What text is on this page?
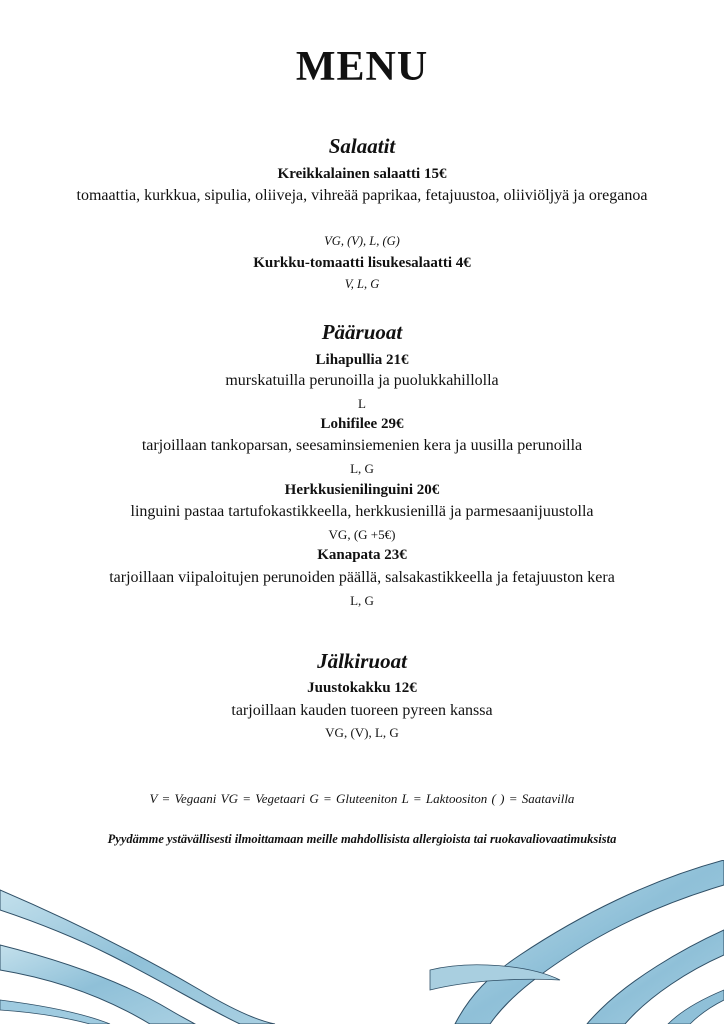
MENU
Salaatit
Kreikkalainen salaatti 15€
tomaattia, kurkkua, sipulia, oliiveja, vihreää paprikaa, fetajuustoa, oliiviöljyä ja oreganoa
VG, (V), L, (G)
Kurkku-tomaatti lisukesalaatti 4€
V, L, G
Pääruoat
Lihapullia 21€
murskatuilla perunoilla ja puolukkahillolla
L
Lohifilee 29€
tarjoillaan tankoparsan, seesaminsiemenien kera ja uusilla perunoilla
L, G
Herkkusienilinguini 20€
linguini pastaa tartufokastikkeella, herkkusienillä ja parmesaanijuustolla
VG, (G +5€)
Kanapata 23€
tarjoillaan viipaloitujen perunoiden päällä, salsakastikkeella ja fetajuuston kera
L, G
Jälkiruoat
Juustokakku 12€
tarjoillaan kauden tuoreen pyreen kanssa
VG, (V), L, G
V = Vegaani VG = Vegetaari G = Gluteeniton L = Laktoositon ( ) = Saatavilla
Pyydämme ystävällisesti ilmoittamaan meille mahdollisista allergioista tai ruokavaliovaatimuksista
